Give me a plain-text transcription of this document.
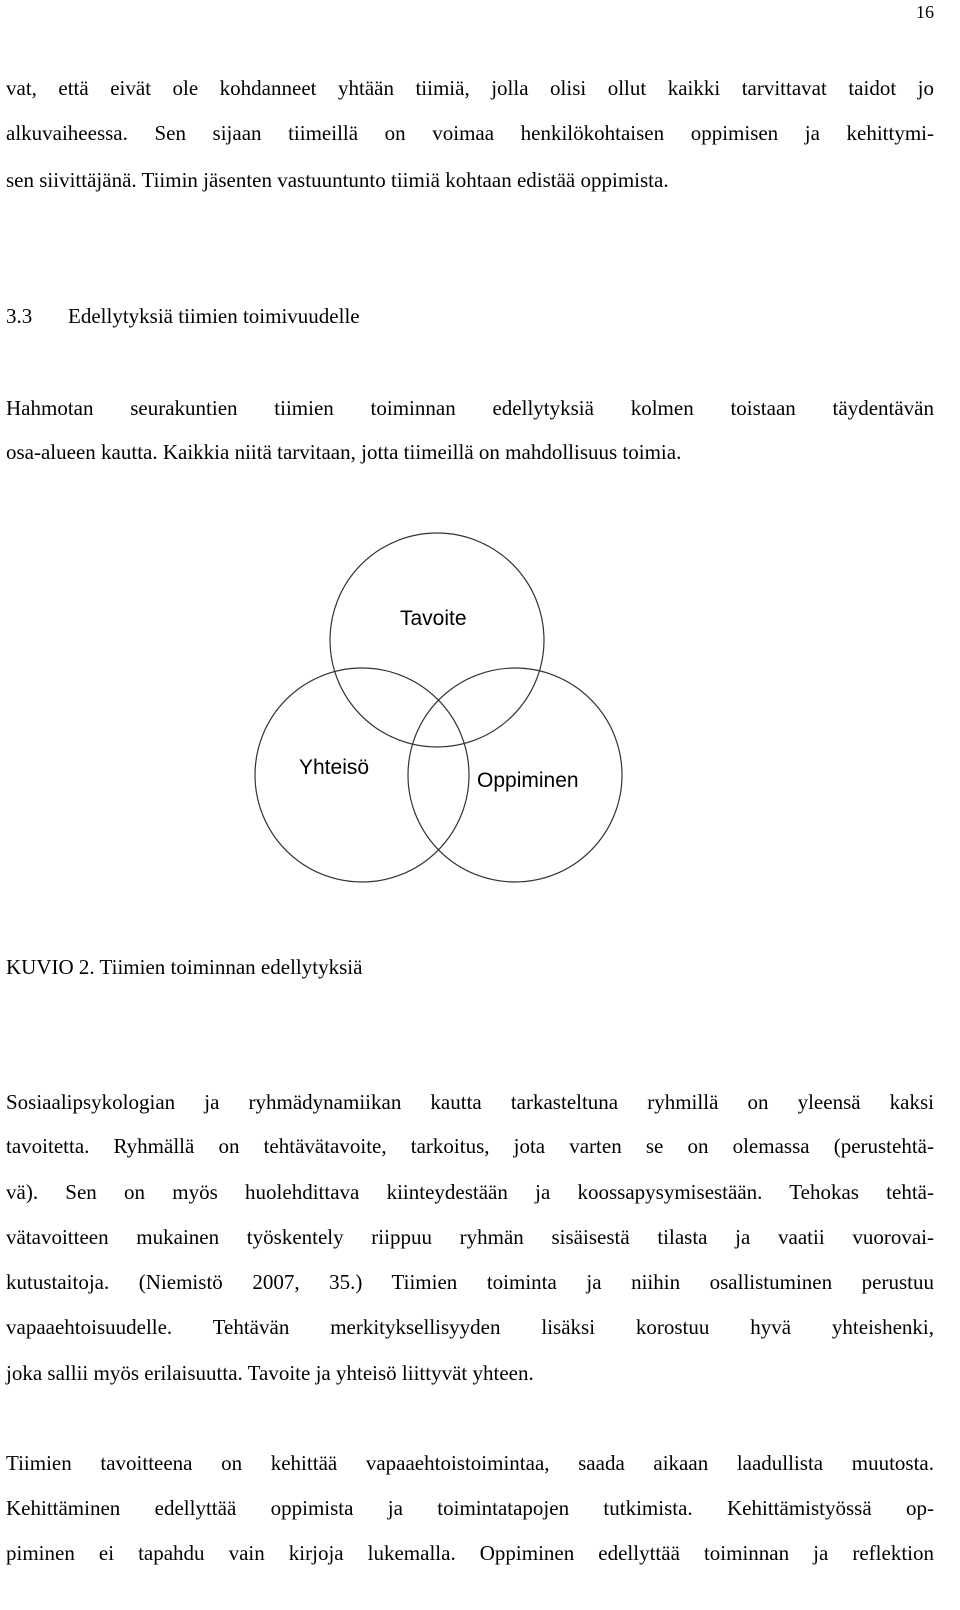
16
vat, että eivät ole kohdanneet yhtään tiimiä, jolla olisi ollut kaikki tarvittavat taidot jo
alkuvaiheessa. Sen sijaan tiimeillä on voimaa henkilökohtaisen oppimisen ja kehittymi-
sen siivittäjänä. Tiimin jäsenten vastuuntunto tiimiä kohtaan edistää oppimista.
3.3 Edellytyksiä tiimien toimivuudelle
Hahmotan seurakuntien tiimien toiminnan edellytyksiä kolmen toistaan täydentävän
osa-alueen kautta. Kaikkia niitä tarvitaan, jotta tiimeillä on mahdollisuus toimia.
Tavoite
Yhteisö
Oppiminen
KUVIO 2. Tiimien toiminnan edellytyksiä
Sosiaalipsykologian ja ryhmädynamiikan kautta tarkasteltuna ryhmillä on yleensä kaksi
tavoitetta. Ryhmällä on tehtävätavoite, tarkoitus, jota varten se on olemassa (perustehtä-
vä). Sen on myös huolehdittava kiinteydestään ja koossapysymisestään. Tehokas tehtä-
vätavoitteen mukainen työskentely riippuu ryhmän sisäisestä tilasta ja vaatii vuorovai-
kutustaitoja. (Niemistö 2007, 35.) Tiimien toiminta ja niihin osallistuminen perustuu
vapaaehtoisuudelle. Tehtävän merkityksellisyyden lisäksi korostuu hyvä yhteishenki,
joka sallii myös erilaisuutta. Tavoite ja yhteisö liittyvät yhteen.
Tiimien tavoitteena on kehittää vapaaehtoistoimintaa, saada aikaan laadullista muutosta.
Kehittäminen edellyttää oppimista ja toimintatapojen tutkimista. Kehittämistyössä op-
piminen ei tapahdu vain kirjoja lukemalla. Oppiminen edellyttää toiminnan ja reflektion
